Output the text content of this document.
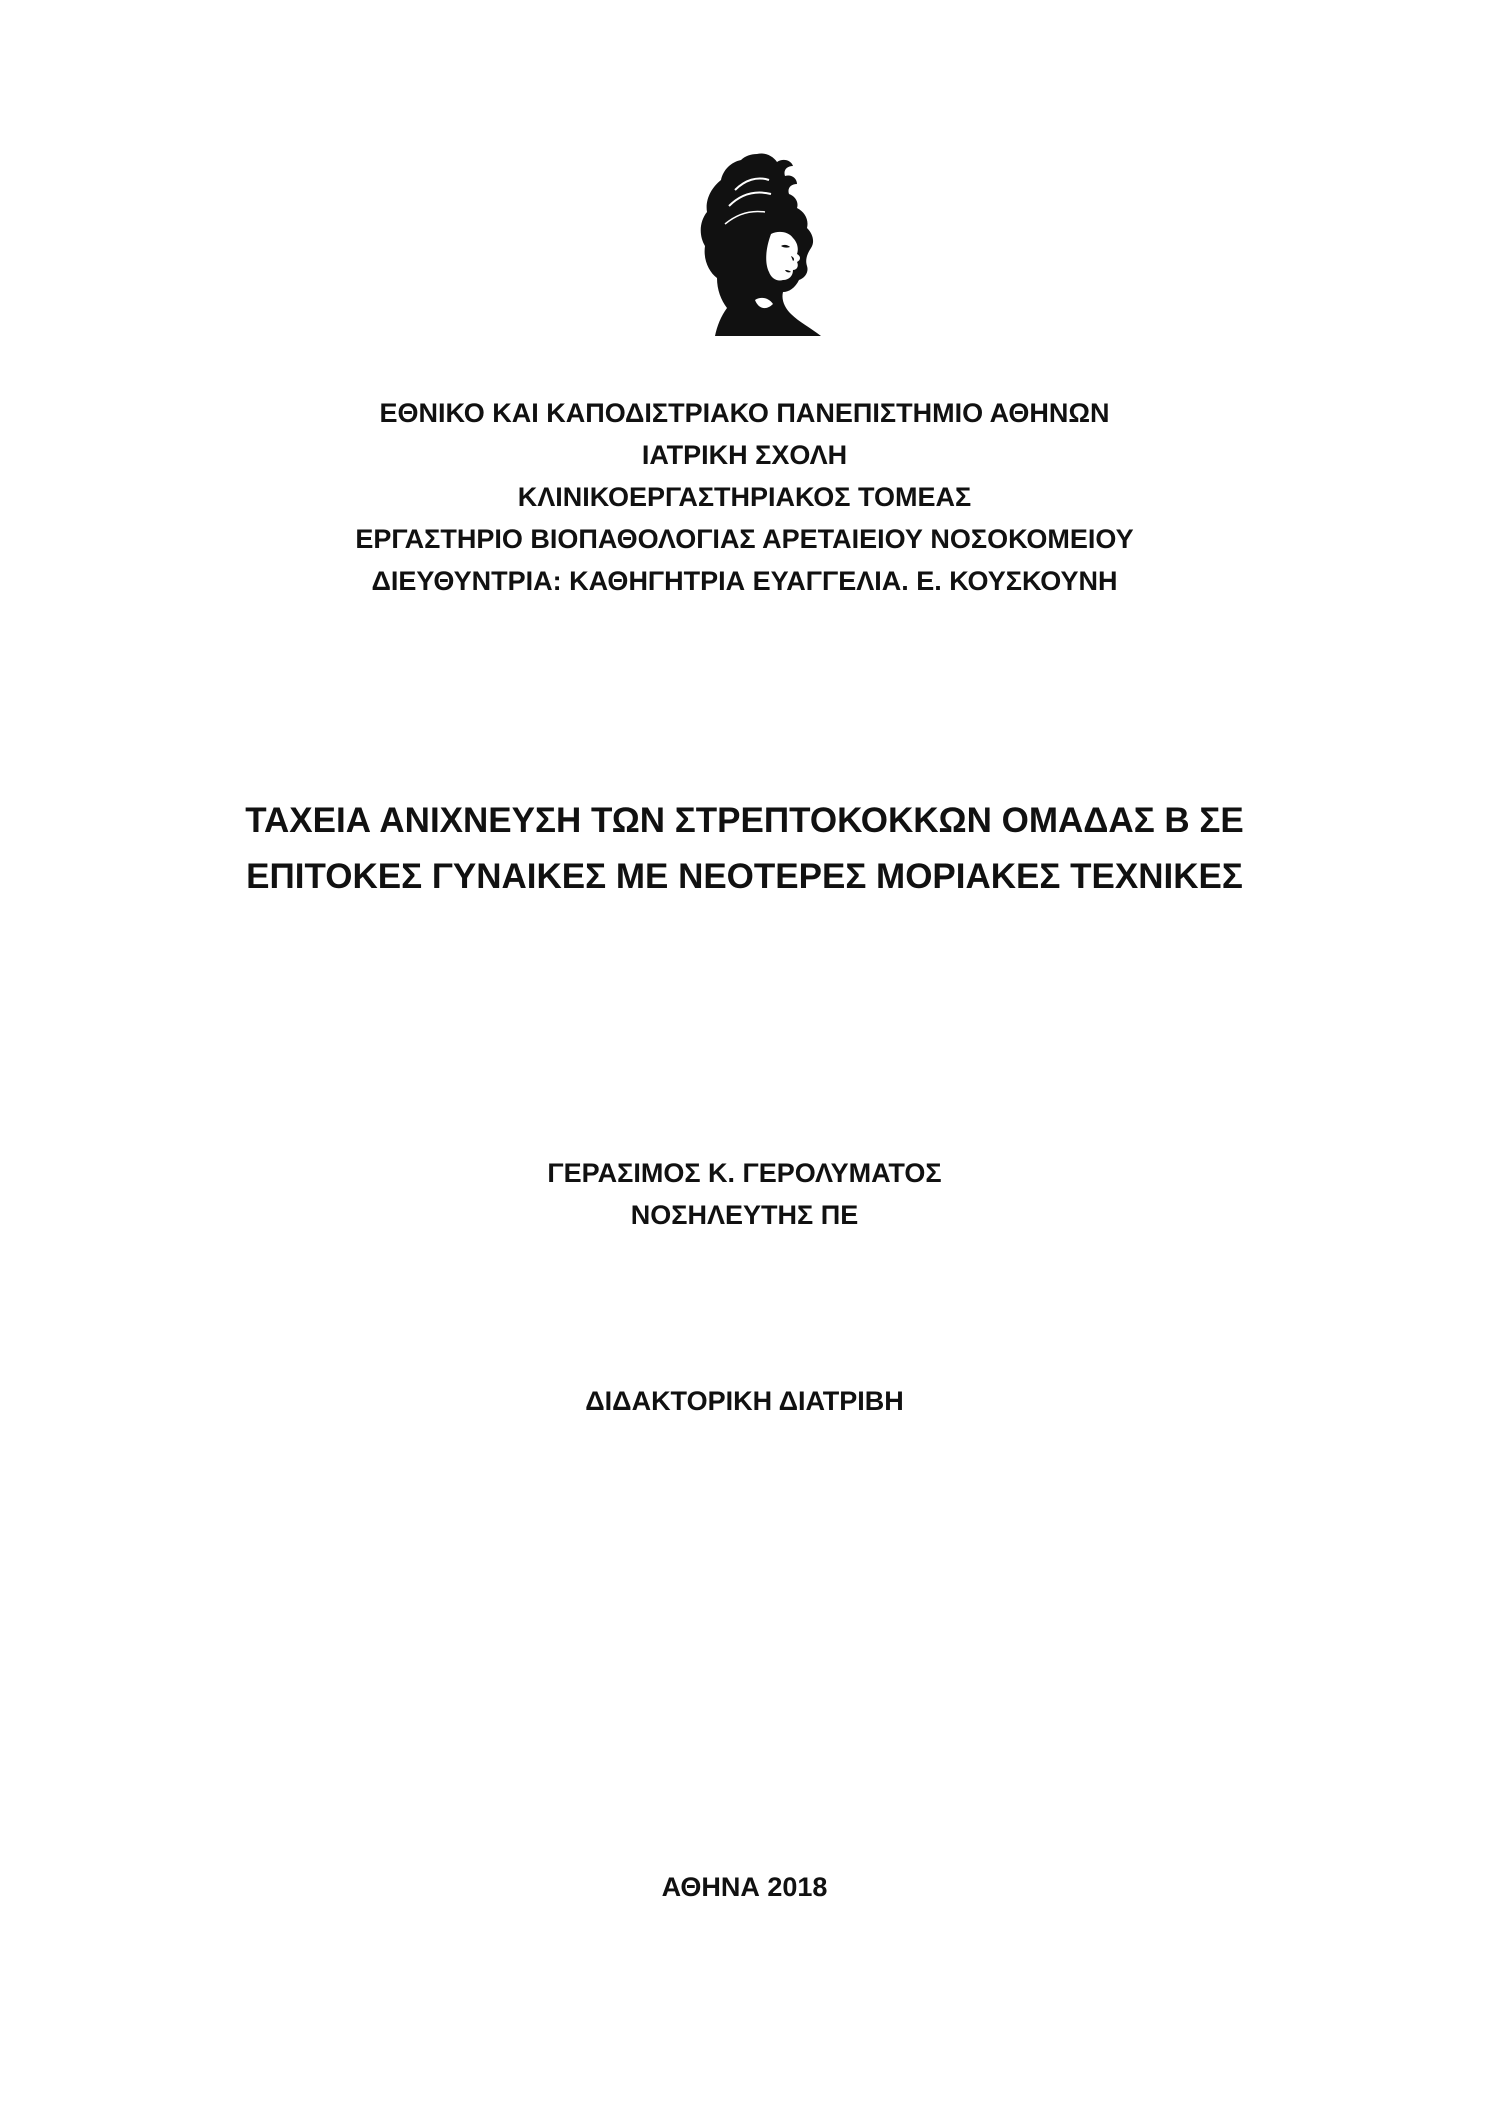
ΕΘΝΙΚΟ ΚΑΙ ΚΑΠΟΔΙΣΤΡΙΑΚΟ ΠΑΝΕΠΙΣΤΗΜΙΟ ΑΘΗΝΩΝ
ΙΑΤΡΙΚΗ ΣΧΟΛΗ
ΚΛΙΝΙΚΟΕΡΓΑΣΤΗΡΙΑΚΟΣ ΤΟΜΕΑΣ
ΕΡΓΑΣΤΗΡΙΟ ΒΙΟΠΑΘΟΛΟΓΙΑΣ ΑΡΕΤΑΙΕΙΟΥ ΝΟΣΟΚΟΜΕΙΟΥ
ΔΙΕΥΘΥΝΤΡΙΑ: ΚΑΘΗΓΗΤΡΙΑ ΕΥΑΓΓΕΛΙΑ. Ε. ΚΟΥΣΚΟΥΝΗ
ΤΑΧΕΙΑ ΑΝΙΧΝΕΥΣΗ ΤΩΝ ΣΤΡΕΠΤΟΚΟΚΚΩΝ ΟΜΑΔΑΣ Β ΣΕ
ΕΠΙΤΟΚΕΣ ΓΥΝΑΙΚΕΣ ΜΕ ΝΕΟΤΕΡΕΣ ΜΟΡΙΑΚΕΣ ΤΕΧΝΙΚΕΣ
ΓΕΡΑΣΙΜΟΣ Κ. ΓΕΡΟΛΥΜΑΤΟΣ
ΝΟΣΗΛΕΥΤΗΣ ΠΕ
ΔΙΔΑΚΤΟΡΙΚΗ ΔΙΑΤΡΙΒΗ
ΑΘΗΝΑ 2018
